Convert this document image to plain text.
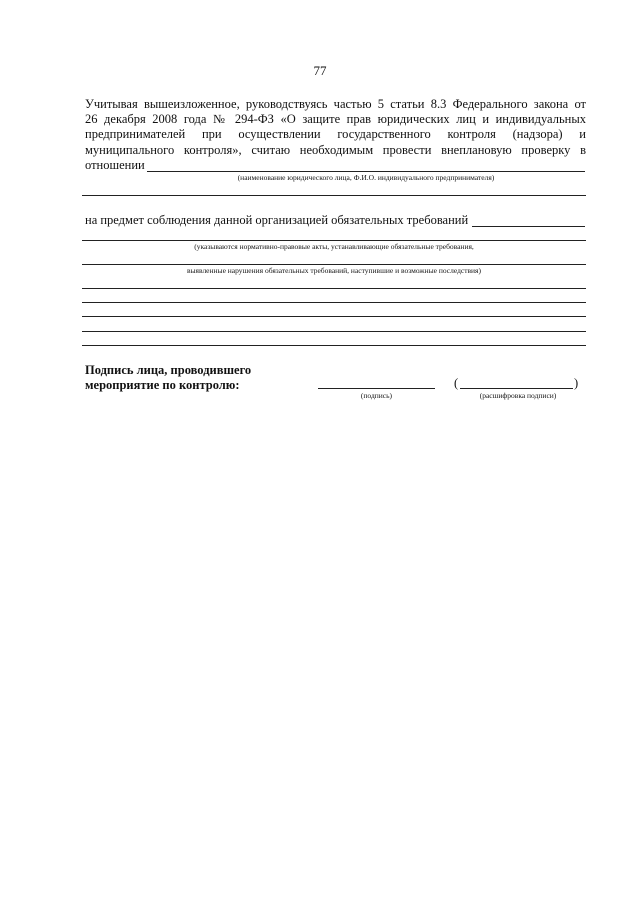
77
Учитывая вышеизложенное, руководствуясь частью 5 статьи 8.3 Федерального закона от
26 декабря 2008 года № 294-ФЗ «О защите прав юридических лиц и индивидуальных
предпринимателей при осуществлении государственного контроля (надзора) и
муниципального контроля», считаю необходимым провести внеплановую проверку в
отношении
(наименование юридического лица, Ф.И.О. индивидуального предпринимателя)
на предмет соблюдения данной организацией обязательных требований
(указываются нормативно-правовые акты, устанавливающие обязательные требования,
выявленные нарушения обязательных требований, наступившие и возможные последствия)
Подпись лица, проводившего
мероприятие по контролю:
(подпись)
(	)
(расшифровка подписи)
